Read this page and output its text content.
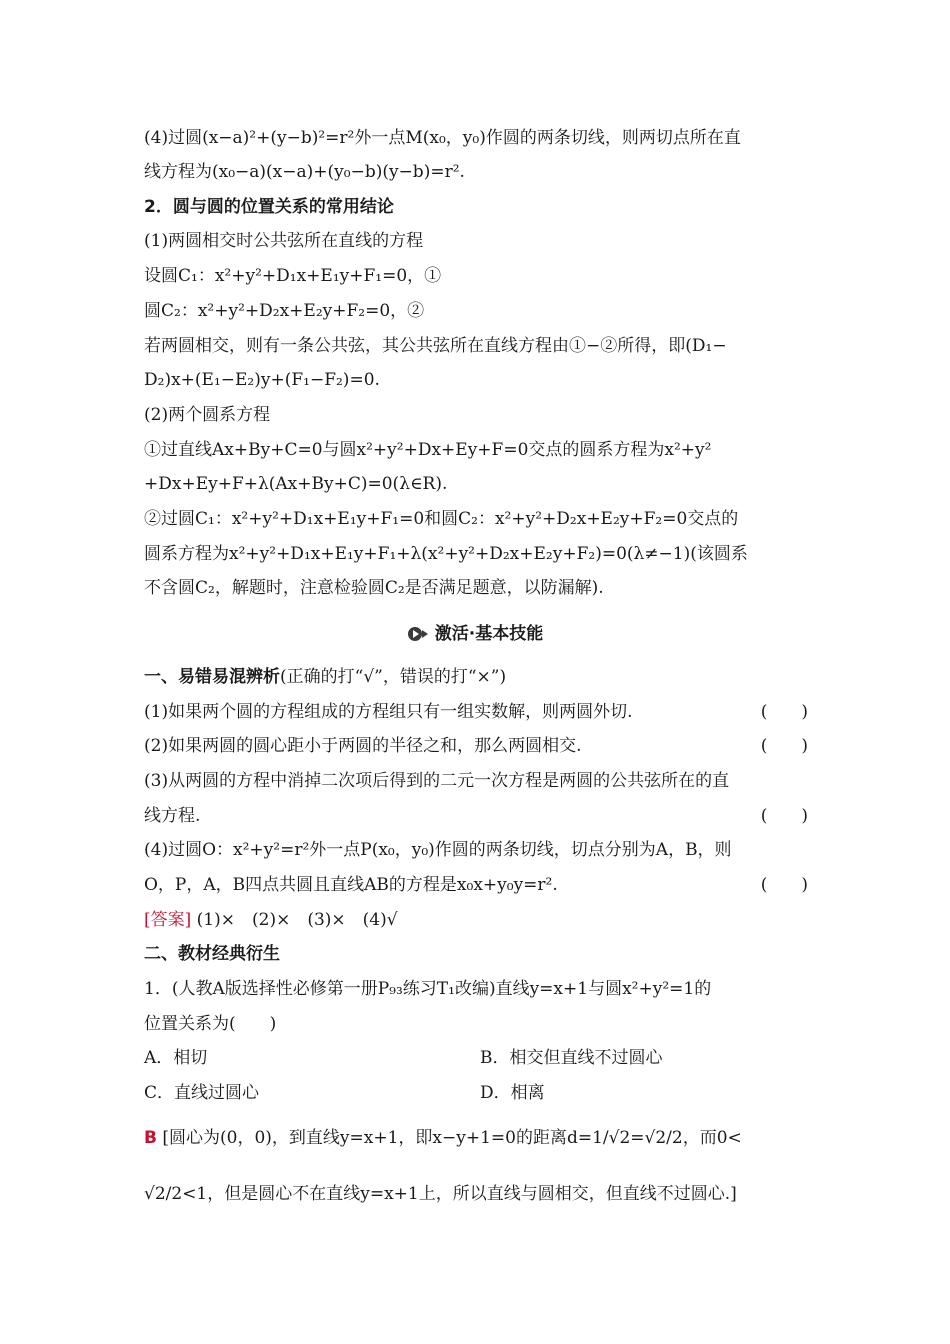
(4)过圆(x−a)²+(y−b)²=r²外一点M(x₀，y₀)作圆的两条切线，则两切点所在直
线方程为(x₀−a)(x−a)+(y₀−b)(y−b)=r².
2．圆与圆的位置关系的常用结论
(1)两圆相交时公共弦所在直线的方程
设圆C₁：x²+y²+D₁x+E₁y+F₁=0，①
圆C₂：x²+y²+D₂x+E₂y+F₂=0，②
若两圆相交，则有一条公共弦，其公共弦所在直线方程由①−②所得，即(D₁−
D₂)x+(E₁−E₂)y+(F₁−F₂)=0.
(2)两个圆系方程
①过直线Ax+By+C=0与圆x²+y²+Dx+Ey+F=0交点的圆系方程为x²+y²
+Dx+Ey+F+λ(Ax+By+C)=0(λ∈R).
②过圆C₁：x²+y²+D₁x+E₁y+F₁=0和圆C₂：x²+y²+D₂x+E₂y+F₂=0交点的
圆系方程为x²+y²+D₁x+E₁y+F₁+λ(x²+y²+D₂x+E₂y+F₂)=0(λ≠−1)(该圆系
不含圆C₂，解题时，注意检验圆C₂是否满足题意，以防漏解).
激活·基本技能
一、易错易混辨析(正确的打“√”，错误的打“×”)
(1)如果两个圆的方程组成的方程组只有一组实数解，则两圆外切.	(　　)
(2)如果两圆的圆心距小于两圆的半径之和，那么两圆相交.	(　　)
(3)从两圆的方程中消掉二次项后得到的二元一次方程是两圆的公共弦所在的直
线方程.	(　　)
(4)过圆O：x²+y²=r²外一点P(x₀，y₀)作圆的两条切线，切点分别为A，B，则
O，P，A，B四点共圆且直线AB的方程是x₀x+y₀y=r².	(　　)
[答案] (1)×　(2)×　(3)×　(4)√
二、教材经典衍生
1．(人教A版选择性必修第一册P₉₃练习T₁改编)直线y=x+1与圆x²+y²=1的
位置关系为(　　)
A．相切	B．相交但直线不过圆心
C．直线过圆心	D．相离
B [圆心为(0，0)，到直线y=x+1，即x−y+1=0的距离d=1/√2=√2/2，而0<
√2/2<1，但是圆心不在直线y=x+1上，所以直线与圆相交，但直线不过圆心.]
